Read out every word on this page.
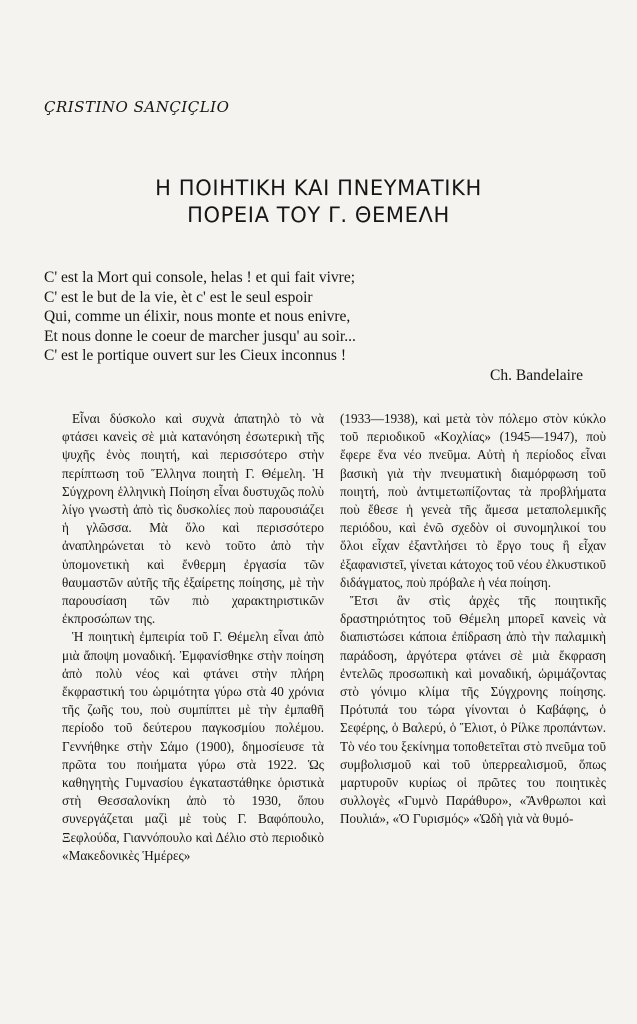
ÇRISTINO SANÇIÇLIO
Η ΠΟΙΗΤΙΚΗ ΚΑΙ ΠΝΕΥΜΑΤΙΚΗ
ΠΟΡΕΙΑ ΤΟΥ Γ. ΘΕΜΕΛΗ
C' est la Mort qui console, helas ! et qui fait vivre;
C' est le but de la vie, èt c' est le seul espoir
Qui, comme un élixir, nous monte et nous enivre,
Et nous donne le coeur de marcher jusqu' au soir...
C' est le portique ouvert sur les Cieux inconnus !
Ch. Bandelaire

Εἶναι δύσκολο καὶ συχνὰ ἀπατηλὸ τὸ νὰ φτάσει κανεὶς σὲ μιὰ κατανόηση ἐσωτερικὴ τῆς ψυχῆς ἑνὸς ποιητή, καὶ περισσότερο στὴν περίπτωση τοῦ Ἕλληνα ποιητὴ Γ. Θέμελη. Ἡ Σύγχρονη ἑλληνικὴ Ποίηση εἶναι δυστυχῶς πολὺ λίγο γνωστὴ ἀπὸ τὶς δυσκολίες ποὺ παρουσιάζει ἡ γλῶσσα. Μὰ ὅλο καὶ περισσότερο ἀναπληρώνεται τὸ κενὸ τοῦτο ἀπὸ τὴν ὑπομονετικὴ καὶ ἔνθερμη ἐργασία τῶν θαυμαστῶν αὐτῆς τῆς ἐξαίρετης ποίησης, μὲ τὴν παρουσίαση τῶν πιὸ χαρακτηριστικῶν ἐκπροσώπων της.

Ἡ ποιητικὴ ἐμπειρία τοῦ Γ. Θέμελη εἶναι ἀπὸ μιὰ ἄποψη μοναδική. Ἐμφανίσθηκε στὴν ποίηση ἀπὸ πολὺ νέος καὶ φτάνει στὴν πλήρη ἔκφραστική του ὡριμότητα γύρω στὰ 40 χρόνια τῆς ζωῆς του, ποὺ συμπίπτει μὲ τὴν ἐμπαθῆ περίοδο τοῦ δεύτερου παγκοσμίου πολέμου. Γεννήθηκε στὴν Σάμο (1900), δημοσίευσε τὰ πρῶτα του ποιήματα γύρω στὰ 1922. Ὡς καθηγητὴς Γυμνασίου ἐγκαταστάθηκε ὁριστικὰ στὴ Θεσσαλονίκη ἀπὸ τὸ 1930, ὅπου συνεργάζεται μαζὶ μὲ τοὺς Γ. Βαφόπουλο, Ξεφλούδα, Γιαννόπουλο καὶ Δέλιο στὸ περιοδικὸ «Μακεδονικὲς Ἡμέρες»

(1933—1938), καὶ μετὰ τὸν πόλεμο στὸν κύκλο τοῦ περιοδικοῦ «Κοχλίας» (1945—1947), ποὺ ἔφερε ἕνα νέο πνεῦμα. Αὐτὴ ἡ περίοδος εἶναι βασικὴ γιὰ τὴν πνευματικὴ διαμόρφωση τοῦ ποιητή, ποὺ ἀντιμετωπίζοντας τὰ προβλήματα ποὺ ἔθεσε ἡ γενεὰ τῆς ἄμεσα μεταπολεμικῆς περιόδου, καὶ ἐνῶ σχεδὸν οἱ συνομηλικοί του ὅλοι εἶχαν ἐξαντλήσει τὸ ἔργο τους ἢ εἶχαν ἐξαφανιστεῖ, γίνεται κάτοχος τοῦ νέου ἐλκυστικοῦ διδάγματος, ποὺ πρόβαλε ἡ νέα ποίηση.

Ἔτσι ἂν στὶς ἀρχὲς τῆς ποιητικῆς δραστηριότητος τοῦ Θέμελη μπορεῖ κανεὶς νὰ διαπιστώσει κάποια ἐπίδραση ἀπὸ τὴν παλαμικὴ παράδοση, ἀργότερα φτάνει σὲ μιὰ ἔκφραση ἐντελῶς προσωπικὴ καὶ μοναδική, ὡριμάζοντας στὸ γόνιμο κλίμα τῆς Σύγχρονης ποίησης. Πρότυπά του τώρα γίνονται ὁ Καβάφης, ὁ Σεφέρης, ὁ Βαλερύ, ὁ Ἔλιοτ, ὁ Ρίλκε προπάντων. Τὸ νέο του ξεκίνημα τοποθετεῖται στὸ πνεῦμα τοῦ συμβολισμοῦ καὶ τοῦ ὑπερρεαλισμοῦ, ὅπως μαρτυροῦν κυρίως οἱ πρῶτες του ποιητικὲς συλλογὲς «Γυμνὸ Παράθυρο», «Ἄνθρωποι καὶ Πουλιά», «Ὁ Γυρισμός» «Ὠδὴ γιὰ νὰ θυμό-
